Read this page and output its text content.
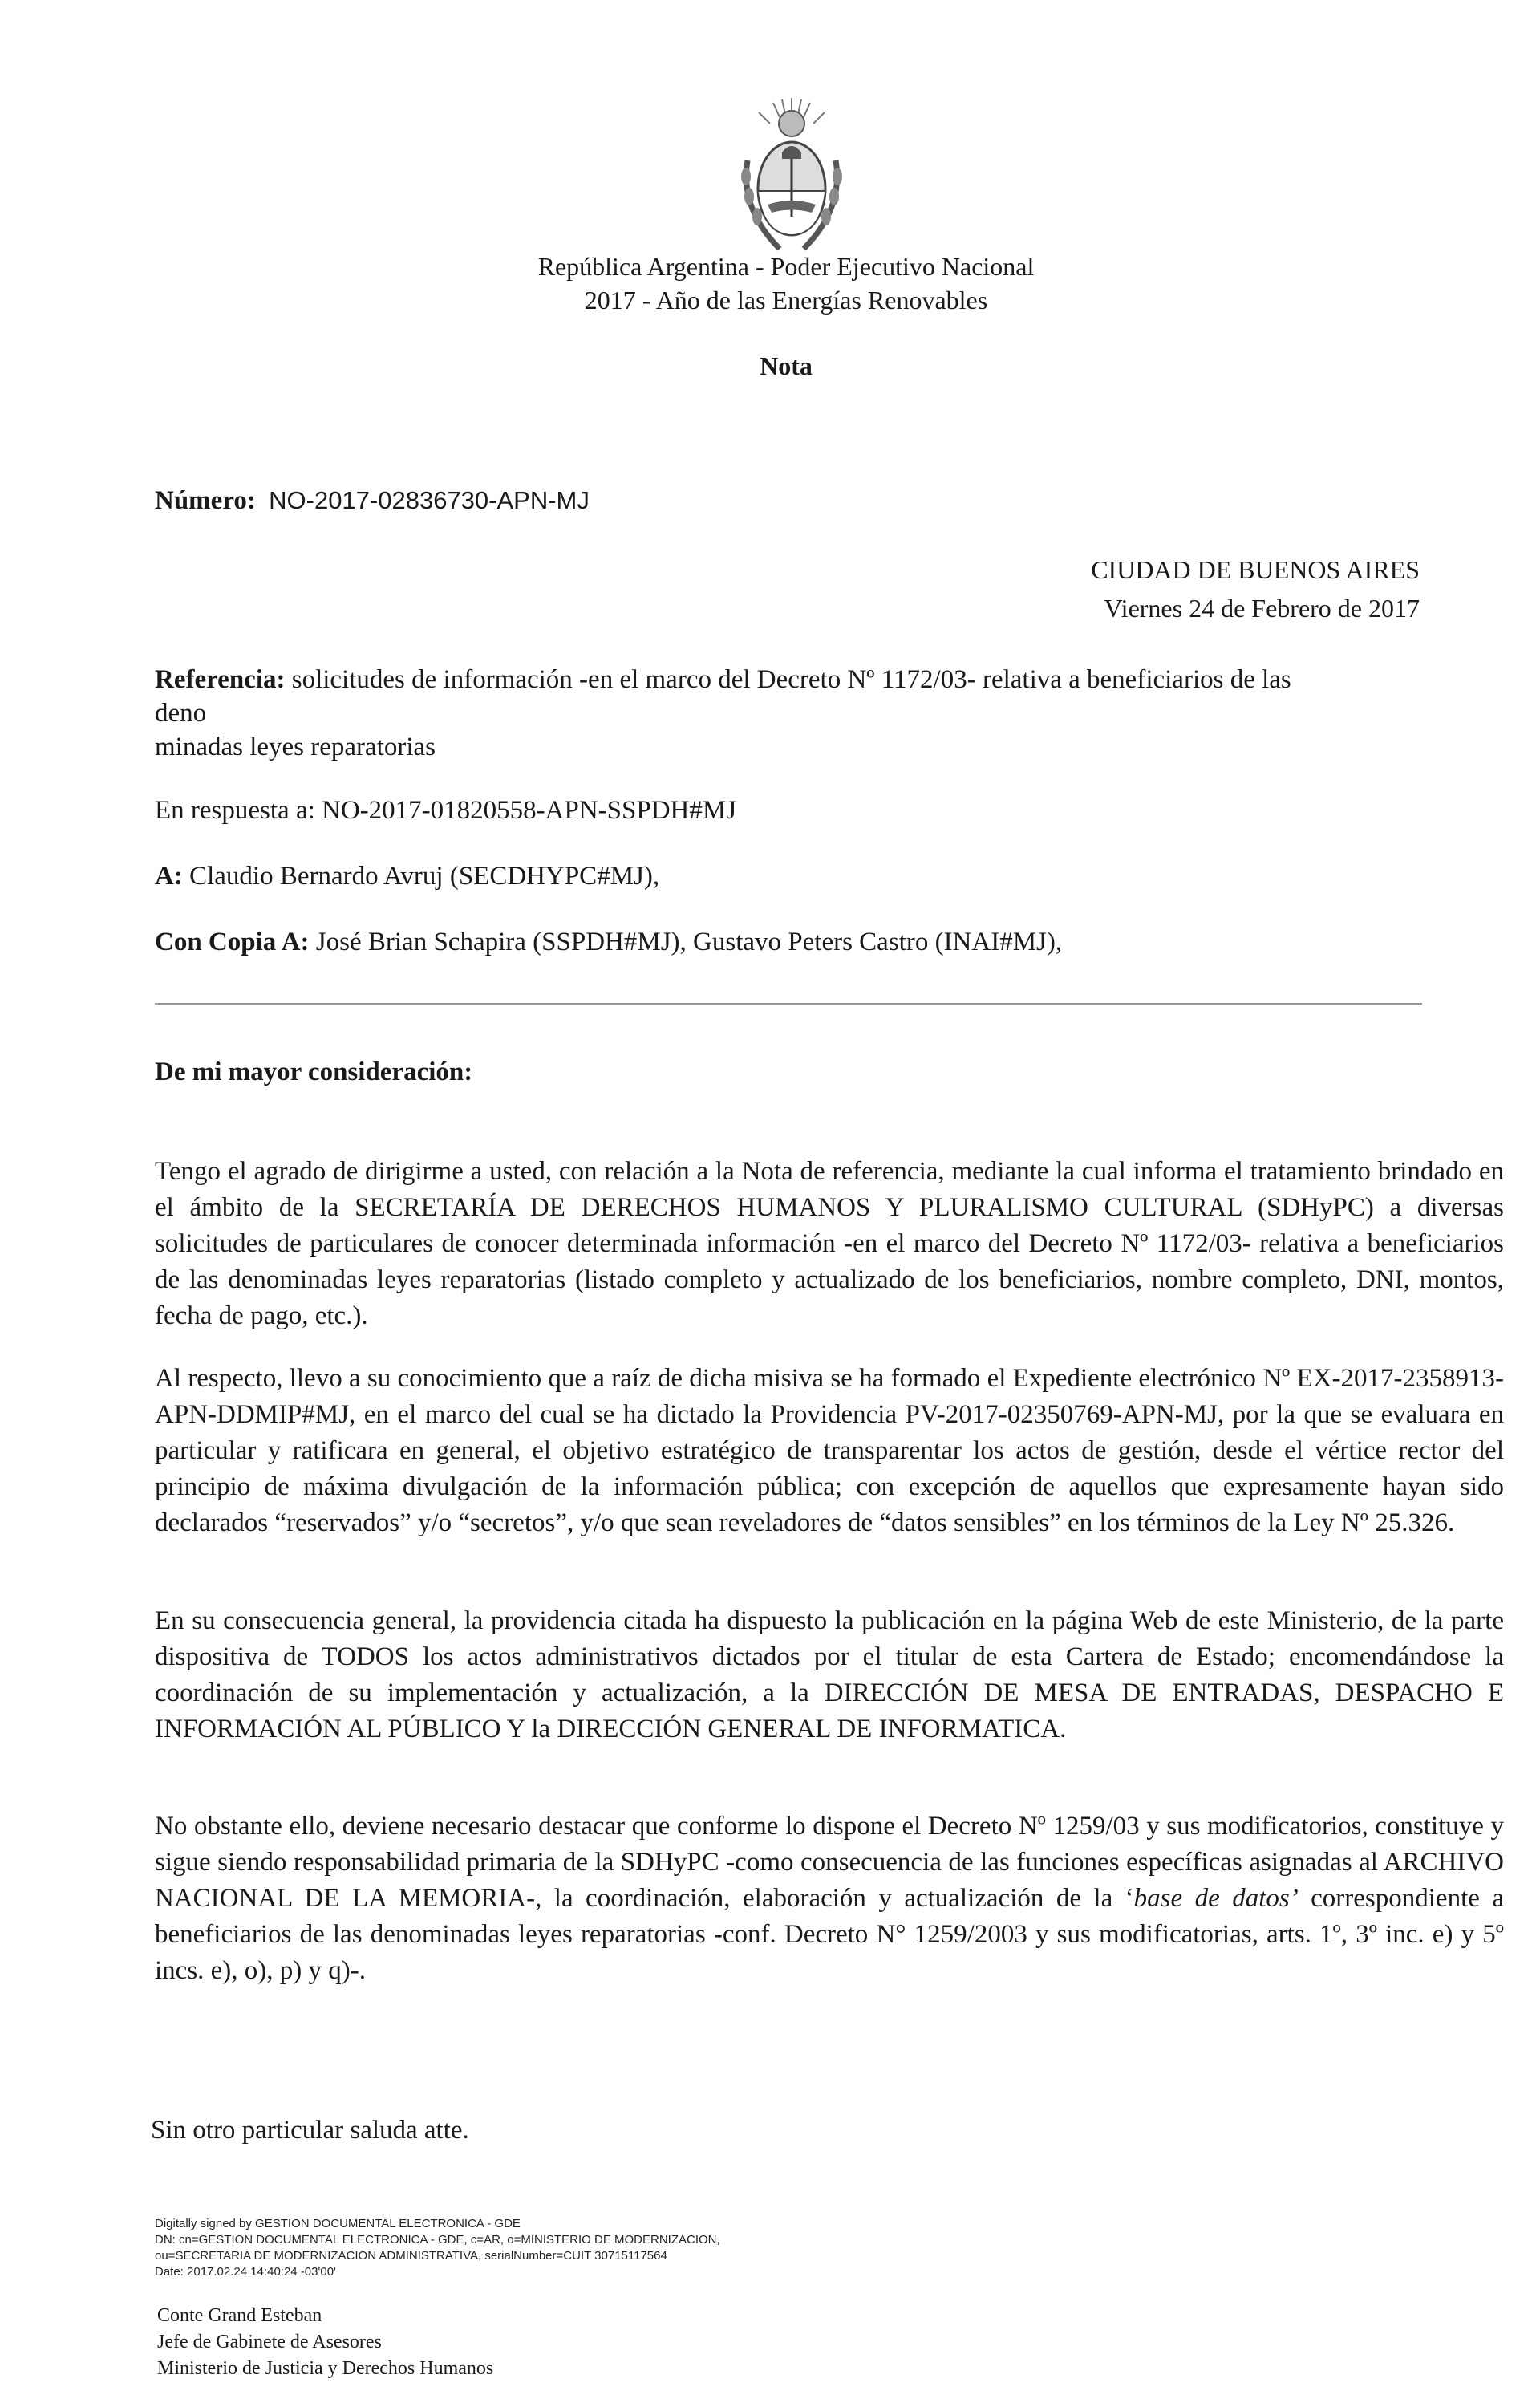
República Argentina - Poder Ejecutivo Nacional
2017 - Año de las Energías Renovables
Nota
Número: NO-2017-02836730-APN-MJ
CIUDAD DE BUENOS AIRES
Viernes 24 de Febrero de 2017
Referencia: solicitudes de información -en el marco del Decreto Nº 1172/03- relativa a beneficiarios de las
deno
minadas leyes reparatorias
En respuesta a: NO-2017-01820558-APN-SSPDH#MJ
A: Claudio Bernardo Avruj (SECDHYPC#MJ),
Con Copia A: José Brian Schapira (SSPDH#MJ), Gustavo Peters Castro (INAI#MJ),
De mi mayor consideración:

Tengo el agrado de dirigirme a usted, con relación a la Nota de referencia, mediante la cual informa el tratamiento brindado en el ámbito de la SECRETARÍA DE DERECHOS HUMANOS Y PLURALISMO CULTURAL (SDHyPC) a diversas solicitudes de particulares de conocer determinada información -en el marco del Decreto Nº 1172/03- relativa a beneficiarios de las denominadas leyes reparatorias (listado completo y actualizado de los beneficiarios, nombre completo, DNI, montos, fecha de pago, etc.).

Al respecto, llevo a su conocimiento que a raíz de dicha misiva se ha formado el Expediente electrónico Nº EX-2017-2358913-APN-DDMIP#MJ, en el marco del cual se ha dictado la Providencia PV-2017-02350769-APN-MJ, por la que se evaluara en particular y ratificara en general, el objetivo estratégico de transparentar los actos de gestión, desde el vértice rector del principio de máxima divulgación de la información pública; con excepción de aquellos que expresamente hayan sido declarados “reservados” y/o “secretos”, y/o que sean reveladores de “datos sensibles” en los términos de la Ley Nº 25.326.

En su consecuencia general, la providencia citada ha dispuesto la publicación en la página Web de este Ministerio, de la parte dispositiva de TODOS los actos administrativos dictados por el titular de esta Cartera de Estado; encomendándose la coordinación de su implementación y actualización, a la DIRECCIÓN DE MESA DE ENTRADAS, DESPACHO E INFORMACIÓN AL PÚBLICO Y la DIRECCIÓN GENERAL DE INFORMATICA.

No obstante ello, deviene necesario destacar que conforme lo dispone el Decreto Nº 1259/03 y sus modificatorios, constituye y sigue siendo responsabilidad primaria de la SDHyPC -como consecuencia de las funciones específicas asignadas al ARCHIVO NACIONAL DE LA MEMORIA-, la coordinación, elaboración y actualización de la ‘base de datos’ correspondiente a beneficiarios de las denominadas leyes reparatorias -conf. Decreto N° 1259/2003 y sus modificatorias, arts. 1º, 3º inc. e) y 5º incs. e), o), p) y q)-.

Sin otro particular saluda atte.
Digitally signed by GESTION DOCUMENTAL ELECTRONICA - GDE
DN: cn=GESTION DOCUMENTAL ELECTRONICA - GDE, c=AR, o=MINISTERIO DE MODERNIZACION,
ou=SECRETARIA DE MODERNIZACION ADMINISTRATIVA, serialNumber=CUIT 30715117564
Date: 2017.02.24 14:40:24 -03'00'
Conte Grand Esteban
Jefe de Gabinete de Asesores
Ministerio de Justicia y Derechos Humanos
